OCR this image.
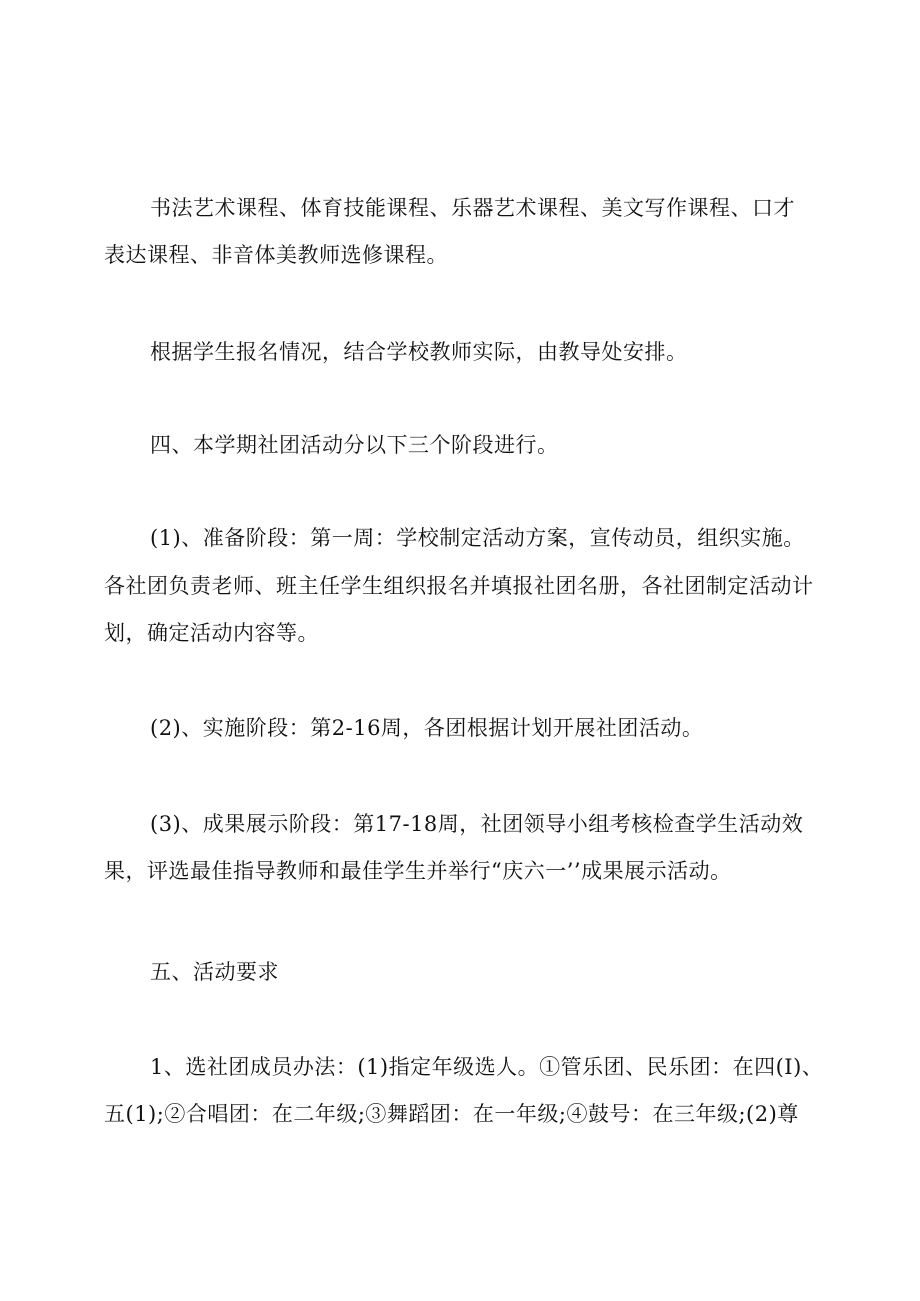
书法艺术课程、体育技能课程、乐器艺术课程、美文写作课程、口才
表达课程、非音体美教师选修课程。
根据学生报名情况，结合学校教师实际，由教导处安排。
四、本学期社团活动分以下三个阶段进行。
(1)、准备阶段：第一周：学校制定活动方案，宣传动员，组织实施。
各社团负责老师、班主任学生组织报名并填报社团名册，各社团制定活动计
划，确定活动内容等。
(2)、实施阶段：第2-16周，各团根据计划开展社团活动。
(3)、成果展示阶段：第17-18周，社团领导小组考核检查学生活动效
果，评选最佳指导教师和最佳学生并举行“庆六一’’成果展示活动。
五、活动要求
1、选社团成员办法：(1)指定年级选人。①管乐团、民乐团：在四(I)、
五(1);②合唱团：在二年级;③舞蹈团：在一年级;④鼓号：在三年级;(2)尊
